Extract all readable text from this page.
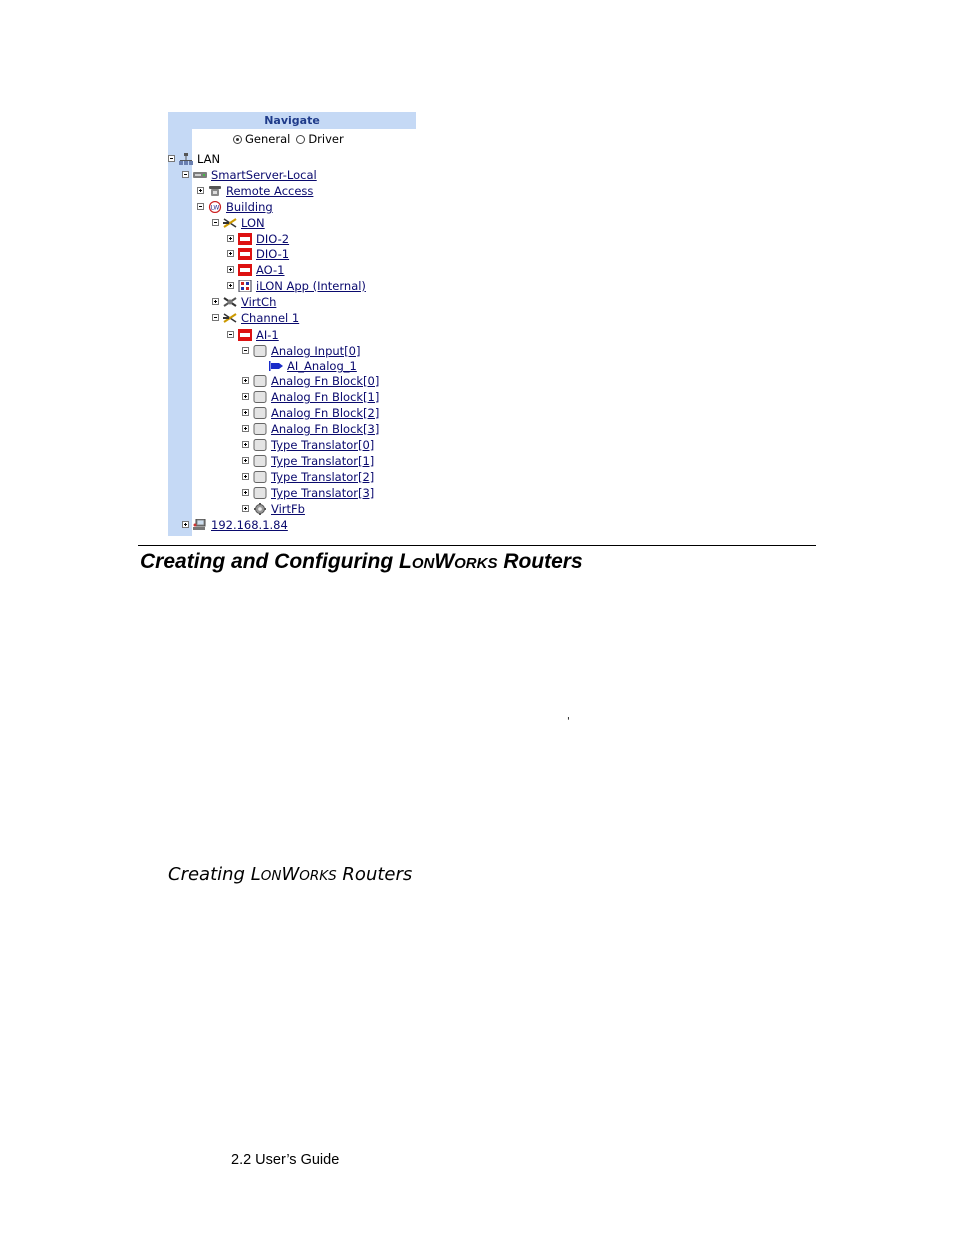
Navigate
General Driver
LAN
SmartServer-Local
Remote Access
LW Building
LON
DIO-2
DIO-1
AO-1
iLON App (Internal)
VirtCh
Channel 1
AI-1
Analog Input[0]
AI_Analog_1
Analog Fn Block[0]
Analog Fn Block[1]
Analog Fn Block[2]
Analog Fn Block[3]
Type Translator[0]
Type Translator[1]
Type Translator[2]
Type Translator[3]
VirtFb
192.168.1.84
Creating and Configuring LONWORKS Routers
'
Creating LONWORKS Routers
2.2 User’s Guide
